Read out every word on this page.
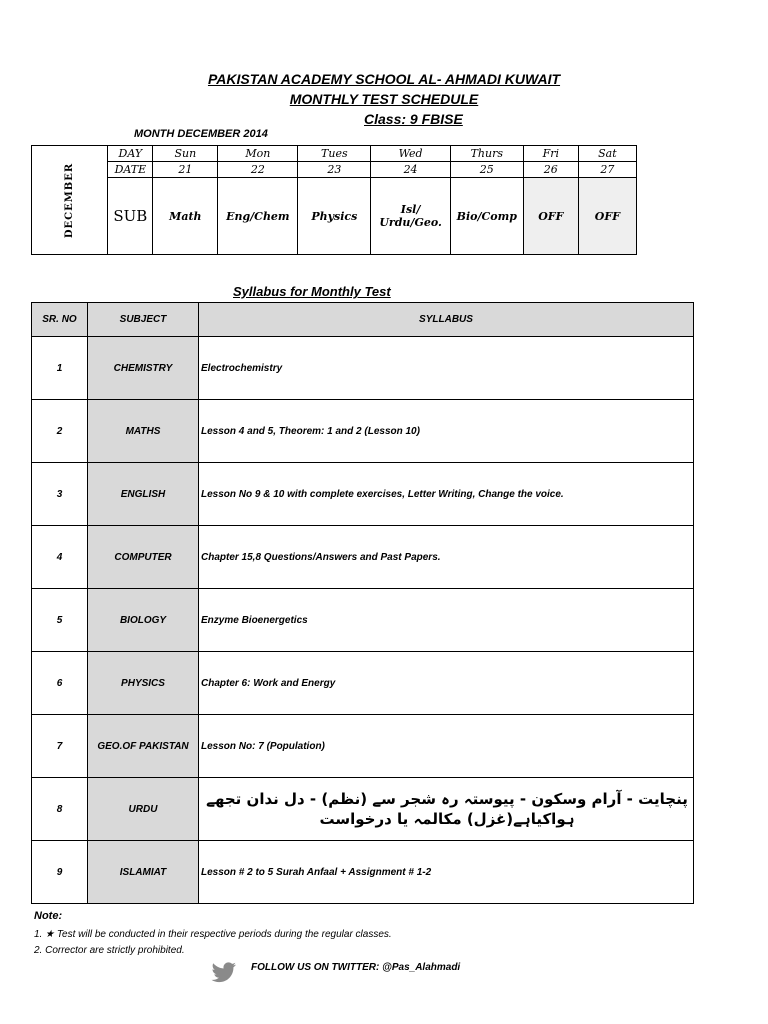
PAKISTAN ACADEMY SCHOOL AL- AHMADI KUWAIT
MONTHLY TEST SCHEDULE
Class: 9 FBISE
MONTH DECEMBER 2014
DECEMBER	DAY	Sun	Mon	Tues	Wed	Thurs	Fri	Sat
	DATE	21	22	23	24	25	26	27
	SUB	Math	Eng/Chem	Physics	Isl/ Urdu/Geo.	Bio/Comp	OFF	OFF
Syllabus for Monthly Test
SR. NO	SUBJECT	SYLLABUS
1	CHEMISTRY	Electrochemistry
2	MATHS	Lesson 4 and 5, Theorem: 1 and 2 (Lesson 10)
3	ENGLISH	Lesson No 9 & 10 with complete exercises, Letter Writing, Change the voice.
4	COMPUTER	Chapter 15,8 Questions/Answers and Past Papers.
5	BIOLOGY	Enzyme Bioenergetics
6	PHYSICS	Chapter 6: Work and Energy
7	GEO.OF PAKISTAN	Lesson No: 7 (Population)
8	URDU	پنچایت - آرام وسکون - پیوستہ رہ شجر سے (نظم) - دل ندان تجھے ہواکیاہے(غزل) مکالمہ یا درخواست
9	ISLAMIAT	Lesson # 2 to 5 Surah Anfaal + Assignment # 1-2
Note:
1. ★ Test will be conducted in their respective periods during the regular classes.
2. Corrector are strictly prohibited.
FOLLOW US ON TWITTER: @Pas_Alahmadi
